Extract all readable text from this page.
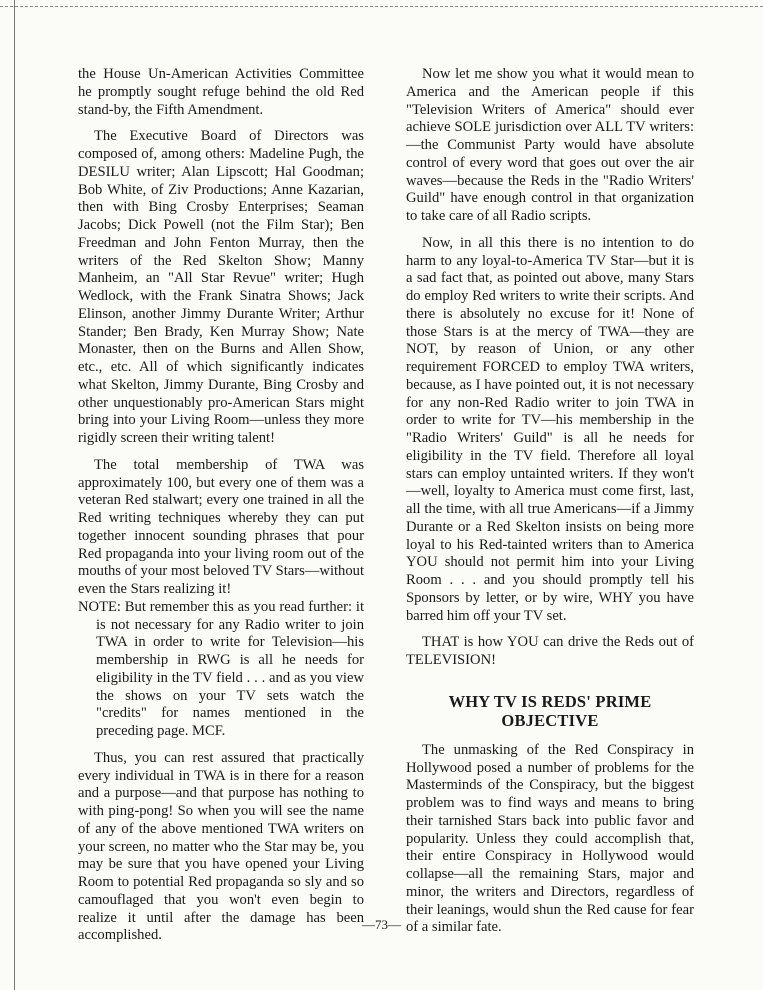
the House Un-American Activities Committee he promptly sought refuge behind the old Red stand-by, the Fifth Amendment.

The Executive Board of Directors was composed of, among others: Madeline Pugh, the DESILU writer; Alan Lipscott; Hal Goodman; Bob White, of Ziv Productions; Anne Kazarian, then with Bing Crosby Enterprises; Seaman Jacobs; Dick Powell (not the Film Star); Ben Freedman and John Fenton Murray, then the writers of the Red Skelton Show; Manny Manheim, an "All Star Revue" writer; Hugh Wedlock, with the Frank Sinatra Shows; Jack Elinson, another Jimmy Durante Writer; Arthur Stander; Ben Brady, Ken Murray Show; Nate Monaster, then on the Burns and Allen Show, etc., etc. All of which significantly indicates what Skelton, Jimmy Durante, Bing Crosby and other unquestionably pro-American Stars might bring into your Living Room—unless they more rigidly screen their writing talent!

The total membership of TWA was approximately 100, but every one of them was a veteran Red stalwart; every one trained in all the Red writing techniques whereby they can put together innocent sounding phrases that pour Red propaganda into your living room out of the mouths of your most beloved TV Stars—without even the Stars realizing it!

NOTE: But remember this as you read further: it is not necessary for any Radio writer to join TWA in order to write for Television—his membership in RWG is all he needs for eligibility in the TV field . . . and as you view the shows on your TV sets watch the "credits" for names mentioned in the preceding page. MCF.

Thus, you can rest assured that practically every individual in TWA is in there for a reason and a purpose—and that purpose has nothing to with ping-pong! So when you will see the name of any of the above mentioned TWA writers on your screen, no matter who the Star may be, you may be sure that you have opened your Living Room to potential Red propaganda so sly and so camouflaged that you won't even begin to realize it until after the damage has been accomplished.

Now let me show you what it would mean to America and the American people if this "Television Writers of America" should ever achieve SOLE jurisdiction over ALL TV writers:—the Communist Party would have absolute control of every word that goes out over the air waves—because the Reds in the "Radio Writers' Guild" have enough control in that organization to take care of all Radio scripts.

Now, in all this there is no intention to do harm to any loyal-to-America TV Star—but it is a sad fact that, as pointed out above, many Stars do employ Red writers to write their scripts. And there is absolutely no excuse for it! None of those Stars is at the mercy of TWA—they are NOT, by reason of Union, or any other requirement FORCED to employ TWA writers, because, as I have pointed out, it is not necessary for any non-Red Radio writer to join TWA in order to write for TV—his membership in the "Radio Writers' Guild" is all he needs for eligibility in the TV field. Therefore all loyal stars can employ untainted writers. If they won't—well, loyalty to America must come first, last, all the time, with all true Americans—if a Jimmy Durante or a Red Skelton insists on being more loyal to his Red-tainted writers than to America YOU should not permit him into your Living Room . . . and you should promptly tell his Sponsors by letter, or by wire, WHY you have barred him off your TV set.

THAT is how YOU can drive the Reds out of TELEVISION!

WHY TV IS REDS' PRIME
OBJECTIVE

The unmasking of the Red Conspiracy in Hollywood posed a number of problems for the Masterminds of the Conspiracy, but the biggest problem was to find ways and means to bring their tarnished Stars back into public favor and popularity. Unless they could accomplish that, their entire Conspiracy in Hollywood would collapse—all the remaining Stars, major and minor, the writers and Directors, regardless of their leanings, would shun the Red cause for fear of a similar fate.

—73—
